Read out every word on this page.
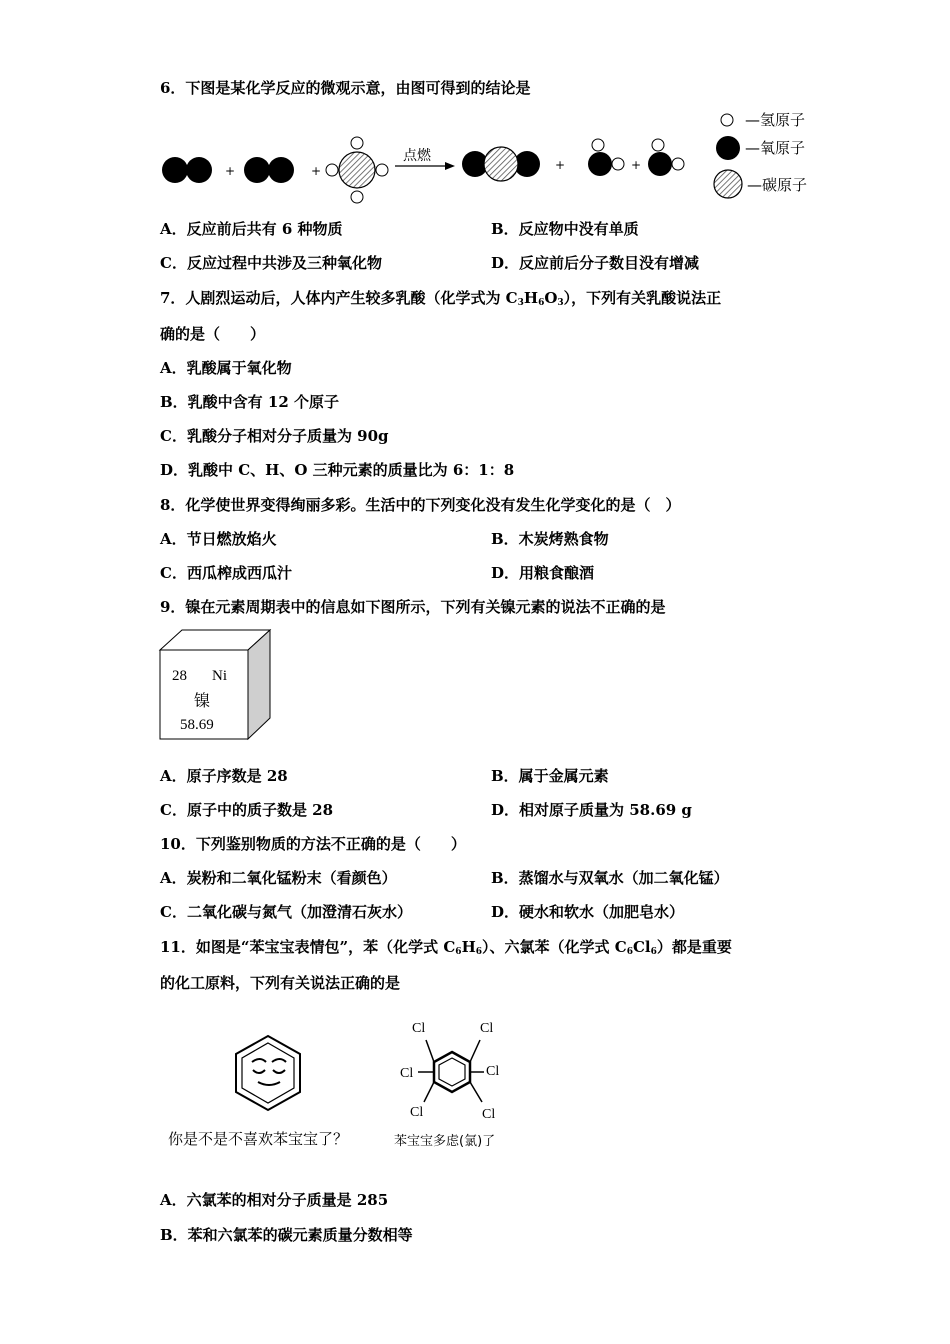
6．下图是某化学反应的微观示意，由图可得到的结论是
+	+
点燃
+	+
—氢原子
—氧原子
—碳原子
A．反应前后共有 6 种物质	B．反应物中没有单质
C．反应过程中共涉及三种氧化物	D．反应前后分子数目没有增减
7．人剧烈运动后，人体内产生较多乳酸（化学式为 $C_3H_6O_3$），下列有关乳酸说法正
确的是（　　）
A．乳酸属于氧化物
B．乳酸中含有 12 个原子
C．乳酸分子相对分子质量为 90g
D．乳酸中 C、H、O 三种元素的质量比为 6：1：8
8．化学使世界变得绚丽多彩。生活中的下列变化没有发生化学变化的是（　）
A．节日燃放焰火	B．木炭烤熟食物
C．西瓜榨成西瓜汁	D．用粮食酿酒
9．镍在元素周期表中的信息如下图所示，下列有关镍元素的说法不正确的是
28 Ni
镍
58.69
A．原子序数是 28	B．属于金属元素
C．原子中的质子数是 28	D．相对原子质量为 58.69 g
10．下列鉴别物质的方法不正确的是（　　）
A．炭粉和二氧化锰粉末（看颜色）	B．蒸馏水与双氧水（加二氧化锰）
C．二氧化碳与氮气（加澄清石灰水）	D．硬水和软水（加肥皂水）
11．如图是“苯宝宝表情包”，苯（化学式 $C_6H_6$）、六氯苯（化学式 $C_6Cl_6$）都是重要
的化工原料，下列有关说法正确的是
Cl	Cl
Cl	Cl
Cl	Cl
你是不是不喜欢苯宝宝了？	苯宝宝多虑(氯)了
A．六氯苯的相对分子质量是 285
B．苯和六氯苯的碳元素质量分数相等
